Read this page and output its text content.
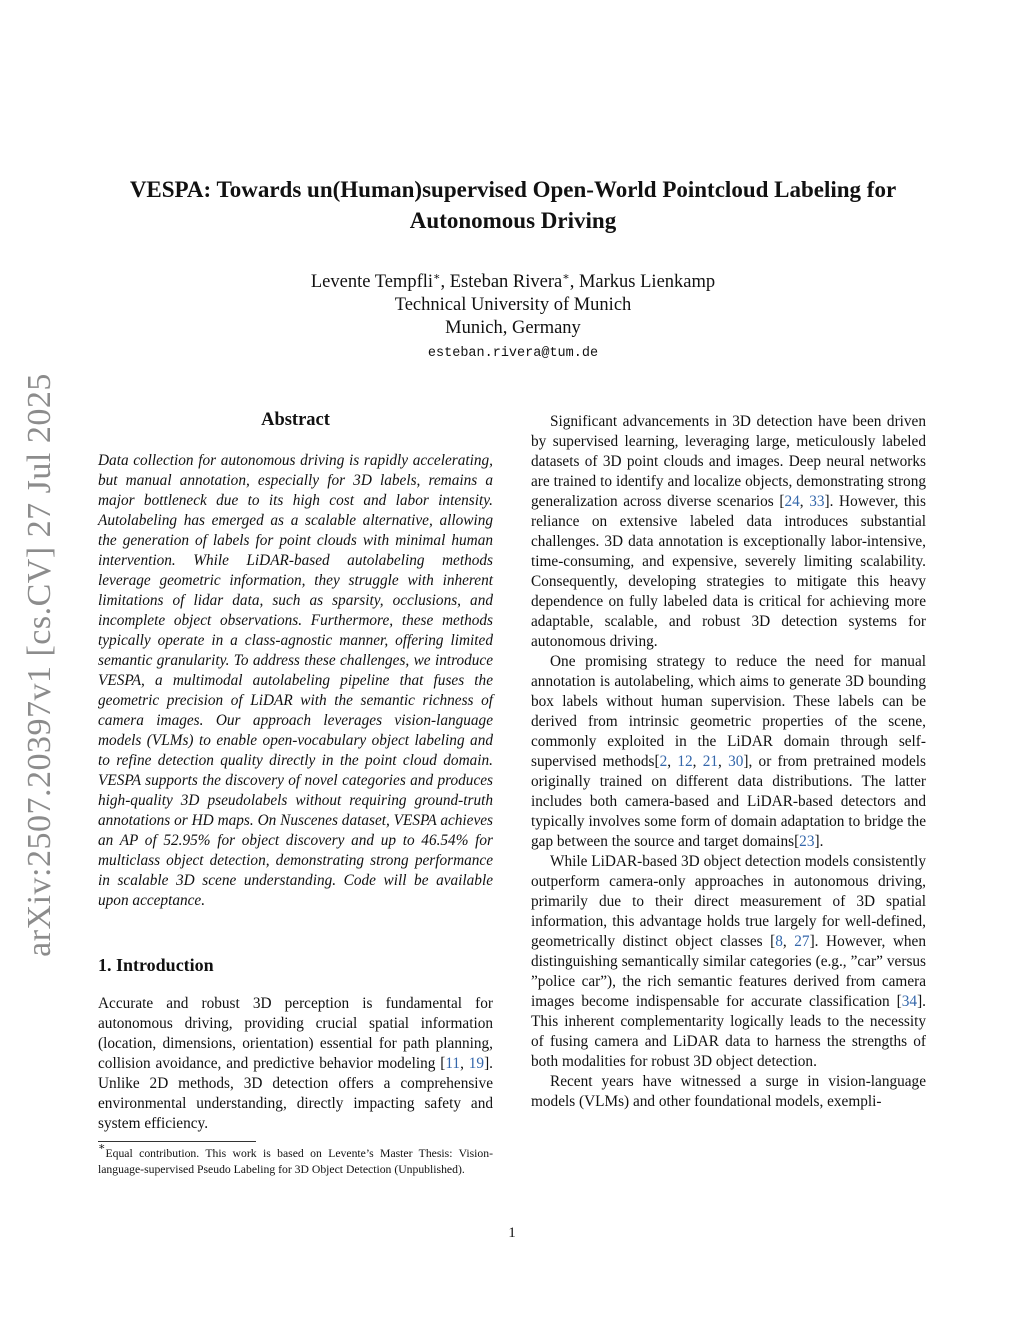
arXiv:2507.20397v1 [cs.CV] 27 Jul 2025
VESPA: Towards un(Human)supervised Open-World Pointcloud Labeling for Autonomous Driving
Levente Tempfli∗, Esteban Rivera∗, Markus Lienkamp
Technical University of Munich
Munich, Germany
esteban.rivera@tum.de
Abstract

Data collection for autonomous driving is rapidly accelerating, but manual annotation, especially for 3D labels, remains a major bottleneck due to its high cost and labor intensity. Autolabeling has emerged as a scalable alternative, allowing the generation of labels for point clouds with minimal human intervention. While LiDAR-based autolabeling methods leverage geometric information, they struggle with inherent limitations of lidar data, such as sparsity, occlusions, and incomplete object observations. Furthermore, these methods typically operate in a class-agnostic manner, offering limited semantic granularity. To address these challenges, we introduce VESPA, a multimodal autolabeling pipeline that fuses the geometric precision of LiDAR with the semantic richness of camera images. Our approach leverages vision-language models (VLMs) to enable open-vocabulary object labeling and to refine detection quality directly in the point cloud domain. VESPA supports the discovery of novel categories and produces high-quality 3D pseudolabels without requiring ground-truth annotations or HD maps. On Nuscenes dataset, VESPA achieves an AP of 52.95% for object discovery and up to 46.54% for multiclass object detection, demonstrating strong performance in scalable 3D scene understanding. Code will be available upon acceptance.

1. Introduction

Accurate and robust 3D perception is fundamental for autonomous driving, providing crucial spatial information (location, dimensions, orientation) essential for path planning, collision avoidance, and predictive behavior modeling [11, 19]. Unlike 2D methods, 3D detection offers a comprehensive environmental understanding, directly impacting safety and system efficiency.

Significant advancements in 3D detection have been driven by supervised learning, leveraging large, meticulously labeled datasets of 3D point clouds and images. Deep neural networks are trained to identify and localize objects, demonstrating strong generalization across diverse scenarios [24, 33]. However, this reliance on extensive labeled data introduces substantial challenges. 3D data annotation is exceptionally labor-intensive, time-consuming, and expensive, severely limiting scalability. Consequently, developing strategies to mitigate this heavy dependence on fully labeled data is critical for achieving more adaptable, scalable, and robust 3D detection systems for autonomous driving.

One promising strategy to reduce the need for manual annotation is autolabeling, which aims to generate 3D bounding box labels without human supervision. These labels can be derived from intrinsic geometric properties of the scene, commonly exploited in the LiDAR domain through self-supervised methods[2, 12, 21, 30], or from pretrained models originally trained on different data distributions. The latter includes both camera-based and LiDAR-based detectors and typically involves some form of domain adaptation to bridge the gap between the source and target domains[23].

While LiDAR-based 3D object detection models consistently outperform camera-only approaches in autonomous driving, primarily due to their direct measurement of 3D spatial information, this advantage holds true largely for well-defined, geometrically distinct object classes [8, 27]. However, when distinguishing semantically similar categories (e.g., ”car” versus ”police car”), the rich semantic features derived from camera images become indispensable for accurate classification [34]. This inherent complementarity logically leads to the necessity of fusing camera and LiDAR data to harness the strengths of both modalities for robust 3D object detection.

Recent years have witnessed a surge in vision-language models (VLMs) and other foundational models, exempli-

∗Equal contribution. This work is based on Levente’s Master Thesis: Vision-language-supervised Pseudo Labeling for 3D Object Detection (Unpublished).
1
